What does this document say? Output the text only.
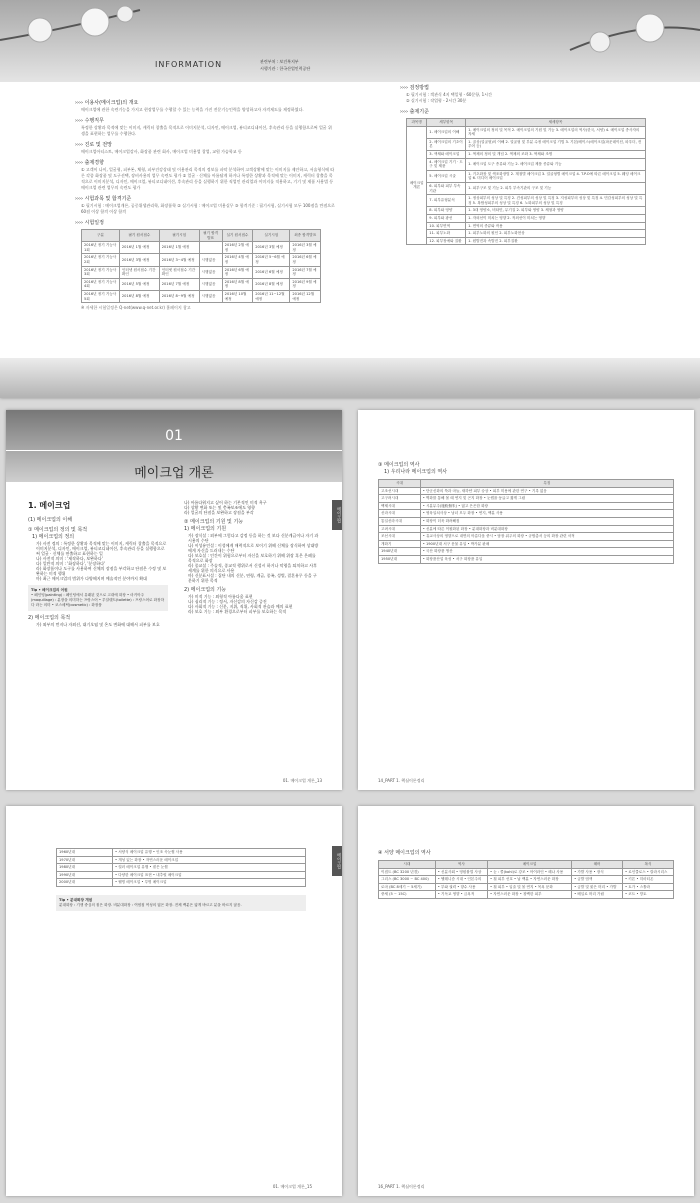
INFORMATION	관련부처 : 보건복지부
시행기관 : 한국산업인력공단
›››› 이용사(메이크업)의 개요
메이크업에 관한 숙련기능을 가지고 현장업무를 수행할 수 있는 능력을 가진 전문기능인력을 양성하고자 자격제도를 제정하였다.
›››› 수행직무
특정한 상황과 목적에 맞는 이미지, 캐릭터 창출을 목적으로 이미지분석, 디자인, 메이크업, 뷰티코디네이션, 후속관리 등을 실행함으로써 얼굴 위생을 표현하는 업무를 수행한다.
›››› 진로 및 전망
메이크업아티스트, 메이크업강사, 화장품 관련 회사, 메이크업 미용업 창업, 교원 가습학교 등
›››› 출제경향
① 고객이 나이, 얼굴형, 피부톤, 체형, 피부건강상태 및 이용관리 목적의 정보를 파악 분석하여 고객상황에 맞는 이미지를 제안하고, 서술형식에 따른 각종 화장품 및 도구선택, 장비사용의 업무 숙련도 평가 ② 얼굴 · 신체를 아름답게 하거나 특정한 상황과 목적에 맞는 이미지, 캐릭터 창출을 목적으로 이미지분석, 디자인, 메이크업, 뷰티코디네이션, 후속관리 등을 실행하기 위한 직업인 관리업과 이미지를 적용하고, 기기 및 제품 사용법 등 메이크업 관련 업무의 숙련도 평가
›››› 시험과목 및 합격기준
① 필기시험 : 메이크업개론, 공중위생관리학, 화장품학 ② 실기시험 : 메이크업 미용실무 ③ 합격기준 : 필기시험, 실기시험 모두 100점을 만점으로 60점 이상 합격 이상 합격
›››› 시험일정
구분	필기 원서접수	필기시험	필기 합격발표	실기 원서접수	실기시험	최종 합격발표
2016년 정기 기능사 1회	2016년 1월 예정	2016년 1월 예정		2016년 2월 예정	2016년 3월 예정	2016년 3월 예정
2016년 정기 기능사 2회	2016년 3월 예정	2016년 3~4월 예정	시행없음	2016년 4월 예정	2016년 5~6월 예정	2016년 6월 예정
2016년 정기 기능사 3회	인터넷 원서접수 기간 확인	인터넷 원서접수 기간 확인	시행없음	2016년 6월 예정	2016년 6월 예정	2016년 7월 예정
2016년 정기 기능사 4회	2016년 5월 예정	2016년 7월 예정	시행없음	2016년 8월 예정	2016년 8월 예정	2016년 9월 예정
2016년 정기 기능사 5회	2016년 8월 예정	2016년 8~9월 예정	시행없음	2016년 10월 예정	2016년 11~12월 예정	2016년 12월 예정
※ 자세한 시험일정은 Q-net(www.q-net.or.kr) 홈페이지 참고
›››› 검정방법
① 필기시험 : 객관식 4지 택일형 - 60문항, 1시간
② 실기시험 : 작업형 - 2시간 30분
›››› 출제기준
과목명	세부항목	세세항목
메이크업 개론	1. 메이크업의 이해	1. 메이크업의 정의 및 목적 2. 메이크업의 기원 및 기능 3. 메이크업의 역사(한국, 서양) 4. 메이크업 종사자의 자세
	2. 메이크업의 기초이론	1. 골상(얼굴형)의 이해 2. 얼굴형 및 부분 수정 메이크업 기법 3. 기본(베이스)메이크업(파운데이션, 파우더, 컨투어 등)
	3. 색채와 메이크업	1. 색채의 정의 및 개념 2. 색채의 조화 3. 색채와 조명
	4. 메이크업 기기 · 도구 및 제품	1. 메이크업 도구 종류와 기능 2. 메이크업 제품 종류와 기능
	5. 메이크업 시술	1. 기초화장 및 색조화장법 2. 계절별 메이크업 3. 얼굴형별 메이크업 4. T.P.O에 따른 메이크업 5. 웨딩 메이크업 6. 미디어 메이크업
	6. 피부와 피부 부속 기관	1. 피부구조 및 기능 2. 피부 부속기관의 구조 및 기능
	7. 피부유형분석	1. 정상피부의 성상 및 특징 2. 건성피부의 성상 및 특징 3. 지성피부의 성상 및 특징 4. 민감성피부의 성상 및 특징 5. 복합성피부의 성상 및 특징 6. 노화피부의 성상 및 특징
	8. 피부와 영양	1. 3대 영양소, 비타민, 무기질 2. 피부와 영양 3. 체형과 영양
	9. 피부와 광선	1. 자외선이 미치는 영향 2. 적외선이 미치는 영향
	10. 피부면역	1. 면역의 종류와 작용
	11. 피부노화	1. 피부노화의 원인 2. 피부노화현상
	12. 피부장애와 질환	1. 원발진과 속발진 2. 피부질환
01
메이크업 개론
1. 메이크업
(1) 메이크업의 이해
① 메이크업의 정의 및 목적
1) 메이크업의 정의
가) 사전 정의 : 특정한 상황과 목적에 맞는 이미지, 캐릭터 창출을 목적으로 이미지분석, 디자인, 메이크업, 뷰티코디네이션, 후속관리 등을 실행함으로써 얼굴 · 신체를 연출하고 표현하는 일
나) 사전적 의미 : '제작하다, 보완하다'
다) 일반적 의미 : '화장하다', '분장하다'
라) 화장품이나 도구를 사용하여 신체의 장점을 부각하고 단점은 수정 및 보완하는 미적 행위
마) 최근 메이크업의 범위가 다양해지며 예술적인 분야까지 확대
Tip • 메이크업의 어원
• 페인팅(painting) : 페인팅에서 유래된 것으로 고대에 화장 • 마키아주(maquillage) : 분장을 의미하는 프랑스어 • 투알렛트(toilette) : 프랑스어로 화장하다 라는 의미 • 코스메틱(cosmetic) : 화장품
2) 메이크업의 목적
가) 외부의 먼지나 자외선, 대기오염 및 온도 변화에 대해서 피부를 보호
나) 아름다워지고 싶어 하는 기본적인 미적 욕구
다) 상황 변화 또는 및 충족보조에도 영향
라) 얼굴의 단점을 보완하고 장점을 부각
② 메이크업의 기원 및 기능
1) 메이크업의 기원
가) 장식설 : 외부에 그렇다고 감정 등을 하는 것 보다 신분계급이나 자기 과시용의 수단
나) 이성유인설 : 이성에게 매력적으로 보이기 위해 신체를 장식하여 상대방에게 자신을 드러내는 수단
다) 보호설 : 인간이 위험으로부터 자신을 보호하기 위해 위장 혹은 은폐를 목적으로 화장
라) 종교설 : 주술적, 종교적 행위로서 신성시 하거나 악령을 퇴치하고 사후세계를 위한 의식으로 사용
마) 신분표시설 : 집단 내의 신분, 연령, 계급, 종족, 성별, 결혼유무 등을 구분하기 위한 목적
2) 메이크업의 기능
가) 미적 기능 : 외형적 아름다움 표현
나) 심리적 기능 : 정서, 자신감의 자신감 증진
다) 사회적 기능 : 신분, 지위, 직위, 사회적 관습과 예의 표현
라) 보호 기능 : 외부 환경으로부터 피부를 보호하는 목적
메이크업
01. 메이크업 개론_13
③ 메이크업의 역사
1) 우리나라 메이크업의 역사
시대	특징
고조선시대	• 단군신화의 쑥과 마늘, 새하얀 피부 숭상 • 피부 미용에 관한 연구 • 기록 없음
고구려시대	• 벽화를 통해 볼 때 연지 및 곤지 화장 • 눈썹을 둥글고 짧게 그림
백제시대	• 시분무주(施粉無朱) • 엷고 은은한 화장
신라시대	• 영육일치사상 • 남녀 모두 화장 • 연지, 백분 사용
통일신라시대	• 화장이 더욱 화려해짐
고려시대	• 신분에 따른 이원화된 화장 • 분대화장과 비분대화장
조선시대	• 유교사상의 영향으로 내면의 아름다움 중시 • 담장 위주의 화장 • 규합총서 등의 화장 관련 서적
개화기	• 1900년대 서구 문물 유입 • 박가분 판매
1940년대	• 국산 화장품 생산
1950년대	• 화장품산업 육성 • 서구 화장품 유입
14_PART 1. 핵심이론정리
1960년대	• 서양식 메이크업 유행 • 인조 속눈썹 사용
1970년대	• 개성 있는 화장 • 자연스러운 메이크업
1980년대	• 컬러 메이크업 유행 • 짙은 눈썹
1990년대	• 다양한 메이크업 표현 • 내추럴 메이크업
2000년대	• 웰빙 메이크업 • 투명 메이크업
Tip • 분대화장 개념
분대화장 : 기생 중심의 짙은 화장. 비분대화장 : 여염집 여성의 엷은 화장. 전체 백분은 얇게 바르고 분을 바르지 않음.
메이크업
01. 메이크업 개론_15
④ 서양 메이크업의 역사
시대	역사	메이크업	헤어	복식
이집트 (BC 3200 년경)	• 신분사회 • 영원불멸 사상	• 눈 : 콜(kohl)로 강조 • 아이라인 • 헤나 사용	• 가발 사용 • 장식	• 로인클로스 • 칼라시리스
그리스 (BC 3000 ~ BC 400)	• 헬레니즘 시대 • 인본주의	• 흰 피부 선호 • 납 백분 • 자연스러운 화장	• 금발 염색	• 키톤 • 히마티온
로마 (BC 8세기 ~ 5세기)	• 부와 권력 • 향수 사용	• 흰 피부 • 입술 및 볼 연지 • 목욕 문화	• 금발 및 붉은 머리 • 가발	• 토가 • 스톨라
중세 (5 ~ 15C)	• 기독교 영향 • 금욕적	• 자연스러운 화장 • 창백한 피부	• 베일로 머리 가림	• 코트 • 망토
16_PART 1. 핵심이론정리
